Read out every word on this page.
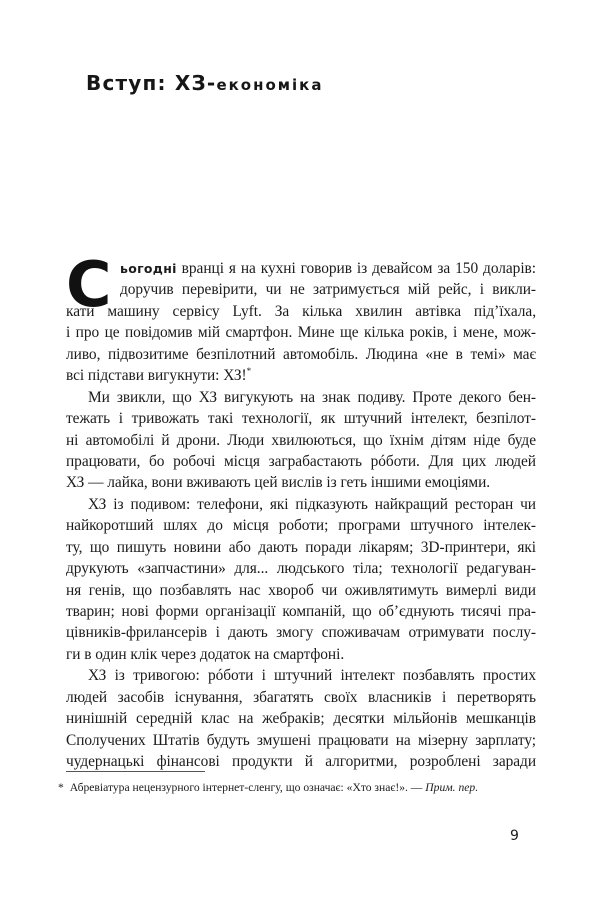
Вступ: ХЗ-економіка
С ьогодні вранці я на кухні говорив із девайсом за 150 доларів:
доручив перевірити, чи не затримується мій рейс, і викли-
кати машину сервісу Lyft. За кілька хвилин автівка під’їхала,
і про це повідомив мій смартфон. Мине ще кілька років, і мене, мож-
ливо, підвозитиме безпілотний автомобіль. Людина «не в темі» має
всі підстави вигукнути: ХЗ!*
Ми звикли, що ХЗ вигукують на знак подиву. Проте декого бен-
тежать і тривожать такі технології, як штучний інтелект, безпілот-
ні автомобілі й дрони. Люди хвилюються, що їхнім дітям ніде буде
працювати, бо робочі місця заграбастають рóботи. Для цих людей
ХЗ — лайка, вони вживають цей вислів із геть іншими емоціями.
ХЗ із подивом: телефони, які підказують найкращий ресторан чи
найкоротший шлях до місця роботи; програми штучного інтелек-
ту, що пишуть новини або дають поради лікарям; 3D-принтери, які
друкують «запчастини» для... людського тіла; технології редагуван-
ня генів, що позбавлять нас хвороб чи оживлятимуть вимерлі види
тварин; нові форми організації компаній, що об’єднують тисячі пра-
цівників-фрилансерів і дають змогу споживачам отримувати послу-
ги в один клік через додаток на смартфоні.
ХЗ із тривогою: рóботи і штучний інтелект позбавлять простих
людей засобів існування, збагатять своїх власників і перетворять
нинішній середній клас на жебраків; десятки мільйонів мешканців
Сполучених Штатів будуть змушені працювати на мізерну зарплату;
чудернацькі фінансові продукти й алгоритми, розроблені заради
* Абревіатура нецензурного інтернет-сленгу, що означає: «Хто знає!». — Прим. пер.
9
